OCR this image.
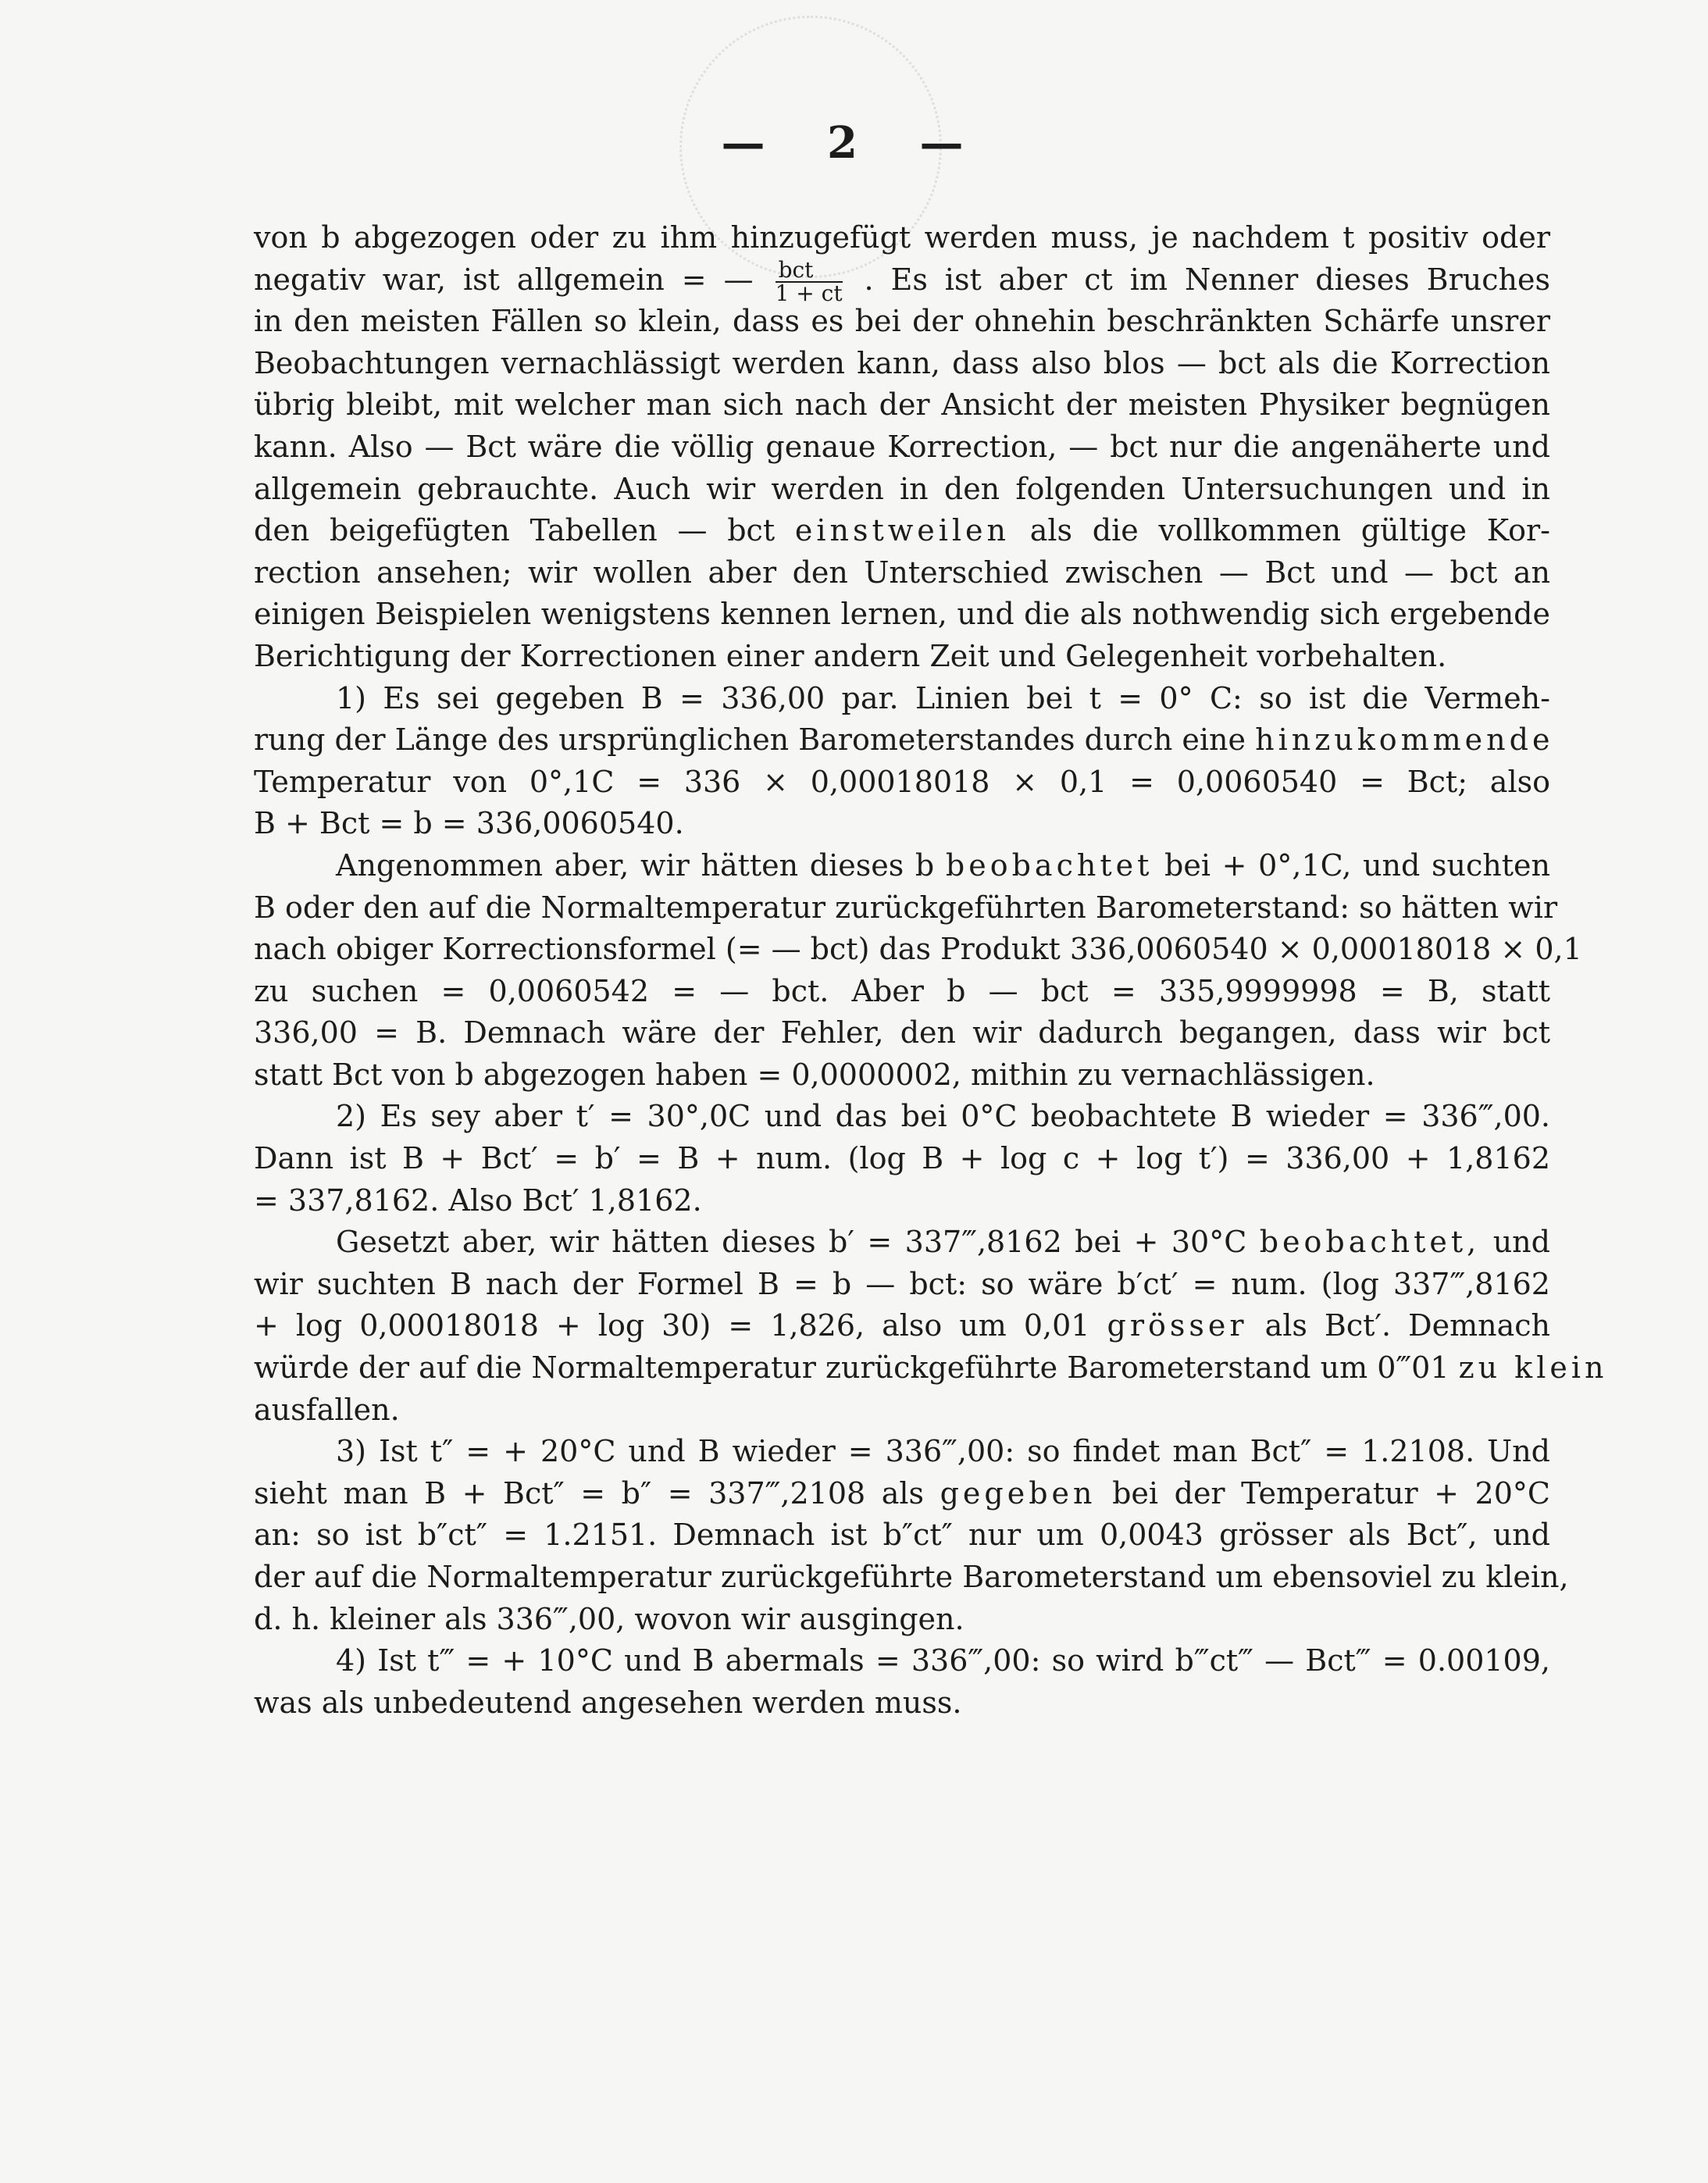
— 2 —
von b abgezogen oder zu ihm hinzugefügt werden muss, je nachdem t positiv oder
negativ war, ist allgemein = — $\frac{\text{bct}}{1 + ct}$ . Es ist aber ct im Nenner dieses Bruches
in den meisten Fällen so klein, dass es bei der ohnehin beschränkten Schärfe unsrer
Beobachtungen vernachlässigt werden kann, dass also blos — bct als die Korrection
übrig bleibt, mit welcher man sich nach der Ansicht der meisten Physiker begnügen
kann. Also — Bct wäre die völlig genaue Korrection, — bct nur die angenäherte und
allgemein gebrauchte. Auch wir werden in den folgenden Untersuchungen und in
den beigefügten Tabellen — bct einstweilen als die vollkommen gültige Kor-
rection ansehen; wir wollen aber den Unterschied zwischen — Bct und — bct an
einigen Beispielen wenigstens kennen lernen, und die als nothwendig sich ergebende
Berichtigung der Korrectionen einer andern Zeit und Gelegenheit vorbehalten.
1) Es sei gegeben B = 336,00 par. Linien bei t = 0° C: so ist die Vermeh-
rung der Länge des ursprünglichen Barometerstandes durch eine hinzukommende
Temperatur von 0°,1C = 336 × 0,00018018 × 0,1 = 0,0060540 = Bct; also
B + Bct = b = 336,0060540.
Angenommen aber, wir hätten dieses b beobachtet bei + 0°,1C, und suchten
B oder den auf die Normaltemperatur zurückgeführten Barometerstand: so hätten wir
nach obiger Korrectionsformel (= — bct) das Produkt 336,0060540 × 0,00018018 × 0,1
zu suchen = 0,0060542 = — bct. Aber b — bct = 335,9999998 = B, statt
336,00 = B. Demnach wäre der Fehler, den wir dadurch begangen, dass wir bct
statt Bct von b abgezogen haben = 0,0000002, mithin zu vernachlässigen.
2) Es sey aber t′ = 30°,0C und das bei 0°C beobachtete B wieder = 336‴,00.
Dann ist B + Bct′ = b′ = B + num. (log B + log c + log t′) = 336,00 + 1,8162
= 337,8162. Also Bct′ 1,8162.
Gesetzt aber, wir hätten dieses b′ = 337‴,8162 bei + 30°C beobachtet, und
wir suchten B nach der Formel B = b — bct: so wäre b′ct′ = num. (log 337‴,8162
+ log 0,00018018 + log 30) = 1,826, also um 0,01 grösser als Bct′. Demnach
würde der auf die Normaltemperatur zurückgeführte Barometerstand um 0‴01 zu klein
ausfallen.
3) Ist t″ = + 20°C und B wieder = 336‴,00: so findet man Bct″ = 1.2108. Und
sieht man B + Bct″ = b″ = 337‴,2108 als gegeben bei der Temperatur + 20°C
an: so ist b″ct″ = 1.2151. Demnach ist b″ct″ nur um 0,0043 grösser als Bct″, und
der auf die Normaltemperatur zurückgeführte Barometerstand um ebensoviel zu klein,
d. h. kleiner als 336‴,00, wovon wir ausgingen.
4) Ist t‴ = + 10°C und B abermals = 336‴,00: so wird b‴ct‴ — Bct‴ = 0.00109,
was als unbedeutend angesehen werden muss.
